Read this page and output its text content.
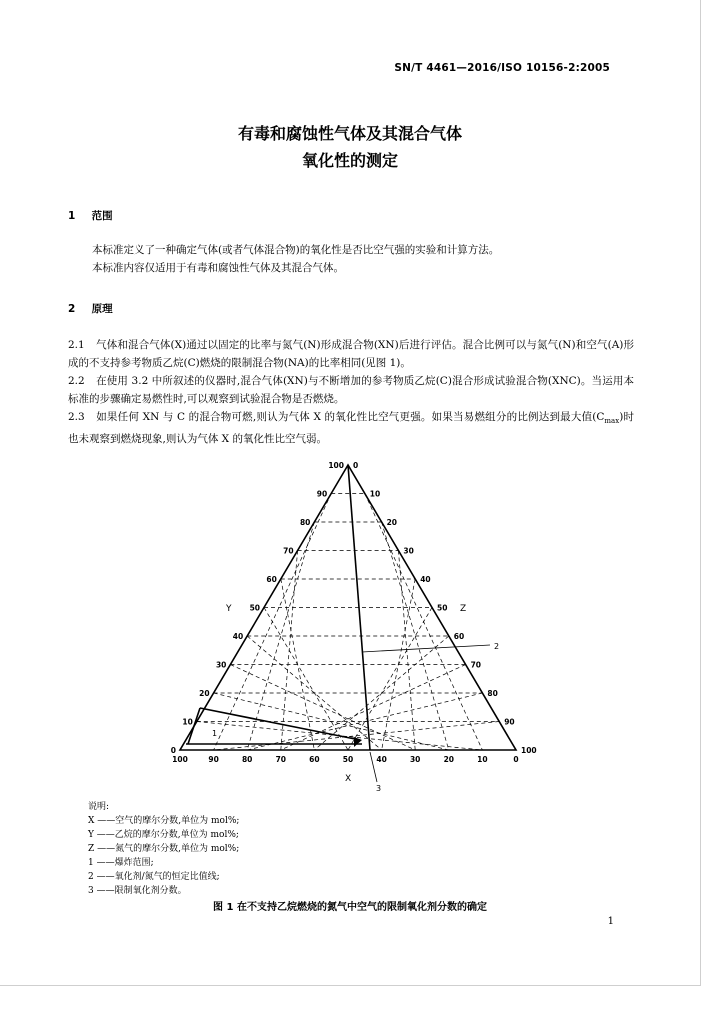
SN/T 4461—2016/ISO 10156-2:2005
有毒和腐蚀性气体及其混合气体
氧化性的测定
1 范围
本标准定义了一种确定气体(或者气体混合物)的氧化性是否比空气强的实验和计算方法。
本标准内容仅适用于有毒和腐蚀性气体及其混合气体。
2 原理
2.1 气体和混合气体(X)通过以固定的比率与氮气(N)形成混合物(XN)后进行评估。混合比例可以与氮气(N)和空气(A)形成的不支持参考物质乙烷(C)燃烧的限制混合物(NA)的比率相同(见图 1)。
2.2 在使用 3.2 中所叙述的仪器时,混合气体(XN)与不断增加的参考物质乙烷(C)混合形成试验混合物(XNC)。当运用本标准的步骤确定易燃性时,可以观察到试验混合物是否燃烧。
2.3 如果任何 XN 与 C 的混合物可燃,则认为气体 X 的氧化性比空气更强。如果当易燃组分的比例达到最大值$(C_{max})$时也未观察到燃烧现象,则认为气体 X 的氧化性比空气弱。
1
2
3
Y	Z
X
0
0
100
10
10
90
20
20
80
30
30
70
40
40
60
50	50
50
60
60
40
70
70
30
80
80
20
90
90
10
100
100
0
说明:
X ——空气的摩尔分数,单位为 mol%;
Y ——乙烷的摩尔分数,单位为 mol%;
Z ——氮气的摩尔分数,单位为 mol%;
1 ——爆炸范围;
2 ——氧化剂/氮气的恒定比值线;
3 ——限制氧化剂分数。
图 1 在不支持乙烷燃烧的氮气中空气的限制氧化剂分数的确定
1
